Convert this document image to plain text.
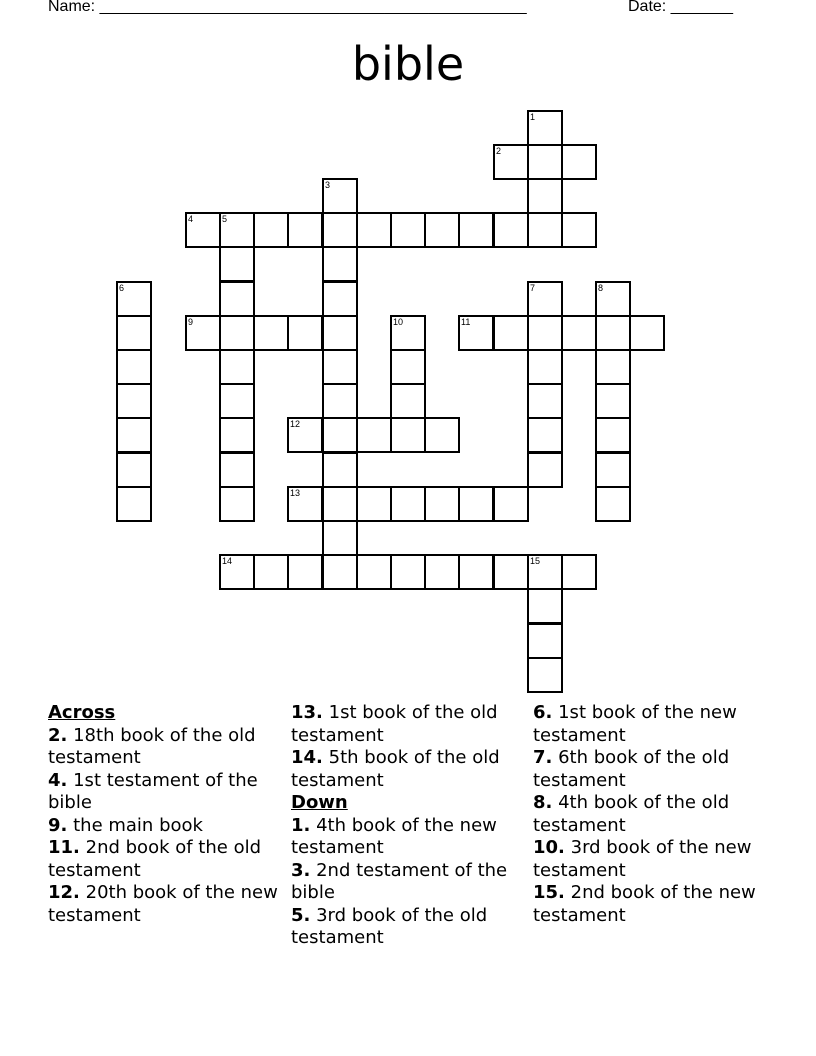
Name: ________________________________________________

	Date: _______

bible
1
2
3
4	5
6	7	8
9	10	11
12
13
14	15
Across
2. 18th book of the old testament
4. 1st testament of the bible
9. the main book
11. 2nd book of the old testament
12. 20th book of the new testament
13. 1st book of the old testament
14. 5th book of the old testament
Down
1. 4th book of the new testament
3. 2nd testament of the bible
5. 3rd book of the old testament
6. 1st book of the new testament
7. 6th book of the old testament
8. 4th book of the old testament
10. 3rd book of the new testament
15. 2nd book of the new testament
